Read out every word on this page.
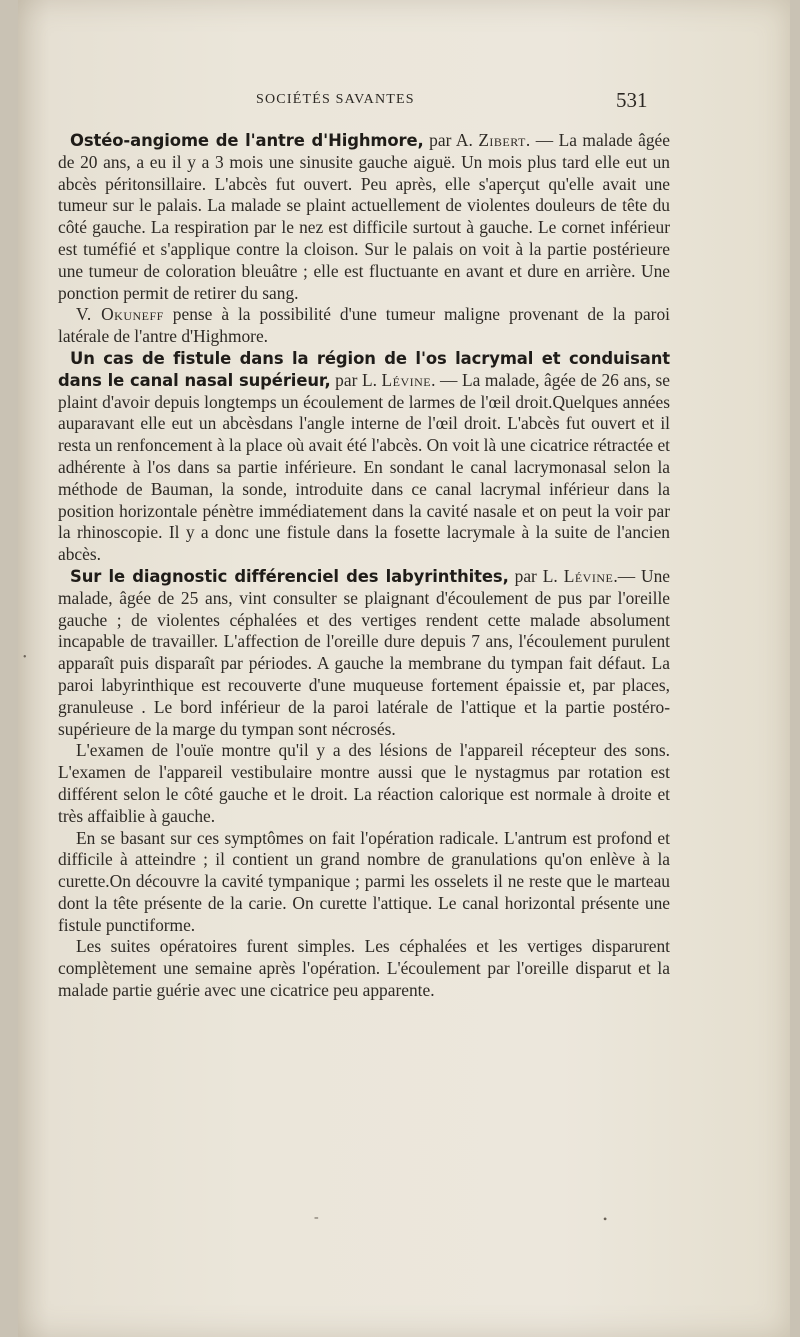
SOCIÉTÉS SAVANTES	531

Ostéo-angiome de l'antre d'Highmore, par A. Zibert. — La malade âgée de 20 ans, a eu il y a 3 mois une sinusite gauche aiguë. Un mois plus tard elle eut un abcès péritonsillaire. L'abcès fut ouvert. Peu après, elle s'aperçut qu'elle avait une tumeur sur le palais. La malade se plaint actuellement de violentes douleurs de tête du côté gauche. La respiration par le nez est difficile surtout à gauche. Le cornet inférieur est tuméfié et s'applique contre la cloison. Sur le palais on voit à la partie postérieure une tumeur de coloration bleuâtre ; elle est fluctuante en avant et dure en arrière. Une ponction permit de retirer du sang.

V. Okuneff pense à la possibilité d'une tumeur maligne provenant de la paroi latérale de l'antre d'Highmore.

Un cas de fistule dans la région de l'os lacrymal et conduisant dans le canal nasal supérieur, par L. Lévine. — La malade, âgée de 26 ans, se plaint d'avoir depuis longtemps un écoulement de larmes de l'œil droit.Quelques années auparavant elle eut un abcèsdans l'angle interne de l'œil droit. L'abcès fut ouvert et il resta un renfoncement à la place où avait été l'abcès. On voit là une cicatrice rétractée et adhérente à l'os dans sa partie inférieure. En sondant le canal lacrymonasal selon la méthode de Bauman, la sonde, introduite dans ce canal lacrymal inférieur dans la position horizontale pénètre immédiatement dans la cavité nasale et on peut la voir par la rhinoscopie. Il y a donc une fistule dans la fosette lacrymale à la suite de l'ancien abcès.

Sur le diagnostic différenciel des labyrinthites, par L. Lévine.— Une malade, âgée de 25 ans, vint consulter se plaignant d'écoulement de pus par l'oreille gauche ; de violentes céphalées et des vertiges rendent cette malade absolument incapable de travailler. L'affection de l'oreille dure depuis 7 ans, l'écoulement purulent apparaît puis disparaît par périodes. A gauche la membrane du tympan fait défaut. La paroi labyrinthique est recouverte d'une muqueuse fortement épaissie et, par places, granuleuse . Le bord inférieur de la paroi latérale de l'attique et la partie postéro-supérieure de la marge du tympan sont nécrosés.

L'examen de l'ouïe montre qu'il y a des lésions de l'appareil récepteur des sons. L'examen de l'appareil vestibulaire montre aussi que le nystagmus par rotation est différent selon le côté gauche et le droit. La réaction calorique est normale à droite et très affaiblie à gauche.

En se basant sur ces symptômes on fait l'opération radicale. L'antrum est profond et difficile à atteindre ; il contient un grand nombre de granulations qu'on enlève à la curette.On découvre la cavité tympanique ; parmi les osselets il ne reste que le marteau dont la tête présente de la carie. On curette l'attique. Le canal horizontal présente une fistule punctiforme.

Les suites opératoires furent simples. Les céphalées et les vertiges disparurent complètement une semaine après l'opération. L'écoulement par l'oreille disparut et la malade partie guérie avec une cicatrice peu apparente.

-	•
•
